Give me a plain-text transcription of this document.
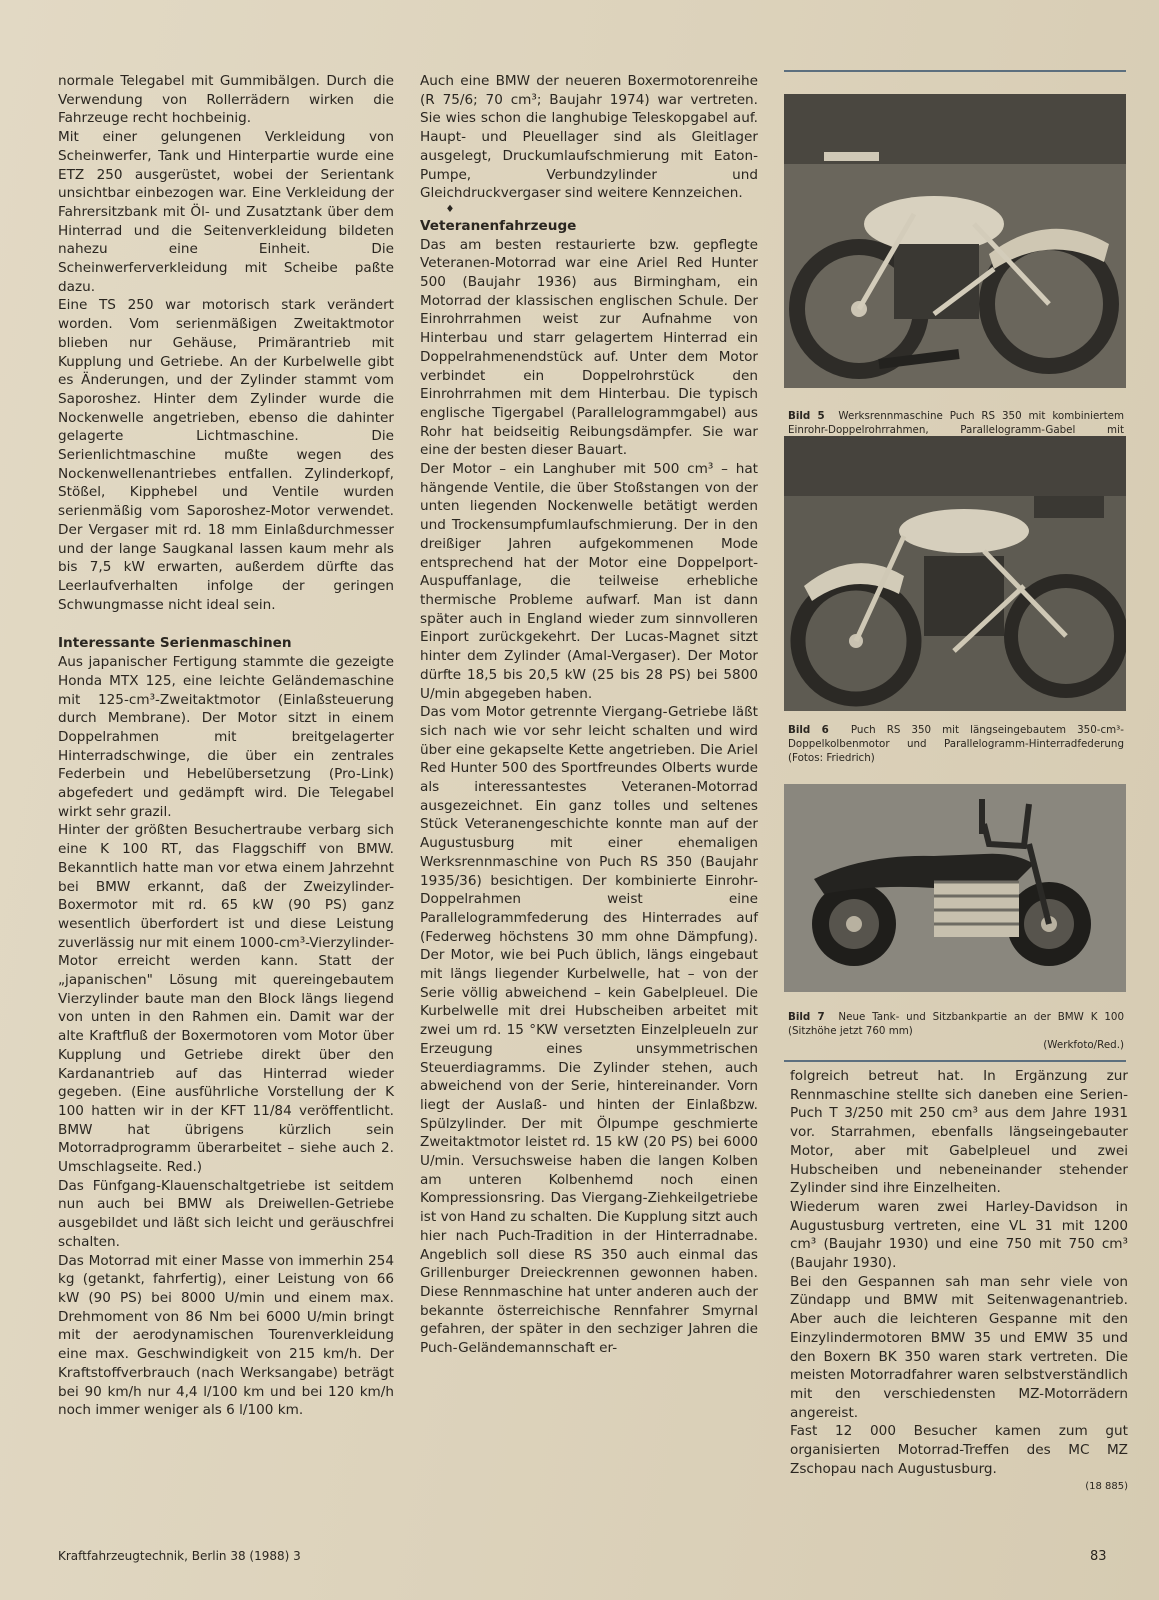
normale Telegabel mit Gummibälgen. Durch die Verwendung von Rollerrädern wirken die Fahrzeuge recht hochbeinig.

Mit einer gelungenen Verkleidung von Scheinwerfer, Tank und Hinterpartie wurde eine ETZ 250 ausgerüstet, wobei der Serientank unsichtbar einbezogen war. Eine Verkleidung der Fahrersitzbank mit Öl- und Zusatztank über dem Hinterrad und die Seitenverkleidung bildeten nahezu eine Einheit. Die Scheinwerferverkleidung mit Scheibe paßte dazu.

Eine TS 250 war motorisch stark verändert worden. Vom serienmäßigen Zweitaktmotor blieben nur Gehäuse, Primärantrieb mit Kupplung und Getriebe. An der Kurbelwelle gibt es Änderungen, und der Zylinder stammt vom Saporoshez. Hinter dem Zylinder wurde die Nockenwelle angetrieben, ebenso die dahinter gelagerte Lichtmaschine. Die Serienlichtmaschine mußte wegen des Nockenwellenantriebes entfallen. Zylinderkopf, Stößel, Kipphebel und Ventile wurden serienmäßig vom Saporoshez-Motor verwendet. Der Vergaser mit rd. 18 mm Einlaßdurchmesser und der lange Saugkanal lassen kaum mehr als bis 7,5 kW erwarten, außerdem dürfte das Leerlaufverhalten infolge der geringen Schwungmasse nicht ideal sein.

Interessante Serienmaschinen

Aus japanischer Fertigung stammte die gezeigte Honda MTX 125, eine leichte Geländemaschine mit 125-cm³-Zweitaktmotor (Einlaßsteuerung durch Membrane). Der Motor sitzt in einem Doppelrahmen mit breitgelagerter Hinterradschwinge, die über ein zentrales Federbein und Hebelübersetzung (Pro-Link) abgefedert und gedämpft wird. Die Telegabel wirkt sehr grazil.

Hinter der größten Besuchertraube verbarg sich eine K 100 RT, das Flaggschiff von BMW. Bekanntlich hatte man vor etwa einem Jahrzehnt bei BMW erkannt, daß der Zweizylinder-Boxermotor mit rd. 65 kW (90 PS) ganz wesentlich überfordert ist und diese Leistung zuverlässig nur mit einem 1000-cm³-Vierzylinder-Motor erreicht werden kann. Statt der „japanischen" Lösung mit quereingebautem Vierzylinder baute man den Block längs liegend von unten in den Rahmen ein. Damit war der alte Kraftfluß der Boxermotoren vom Motor über Kupplung und Getriebe direkt über den Kardanantrieb auf das Hinterrad wieder gegeben. (Eine ausführliche Vorstellung der K 100 hatten wir in der KFT 11/84 veröffentlicht. BMW hat übrigens kürzlich sein Motorradprogramm überarbeitet – siehe auch 2. Umschlagseite. Red.)

Das Fünfgang-Klauenschaltgetriebe ist seitdem nun auch bei BMW als Dreiwellen-Getriebe ausgebildet und läßt sich leicht und geräuschfrei schalten.

Das Motorrad mit einer Masse von immerhin 254 kg (getankt, fahrfertig), einer Leistung von 66 kW (90 PS) bei 8000 U/min und einem max. Drehmoment von 86 Nm bei 6000 U/min bringt mit der aerodynamischen Tourenverkleidung eine max. Geschwindigkeit von 215 km/h. Der Kraftstoffverbrauch (nach Werksangabe) beträgt bei 90 km/h nur 4,4 l/100 km und bei 120 km/h noch immer weniger als 6 l/100 km.

Auch eine BMW der neueren Boxermotorenreihe (R 75/6; 70 cm³; Baujahr 1974) war vertreten. Sie wies schon die langhubige Teleskopgabel auf. Haupt- und Pleuellager sind als Gleitlager ausgelegt, Druckumlaufschmierung mit Eaton-Pumpe, Verbundzylinder und Gleichdruckvergaser sind weitere Kennzeichen.

♦
Veteranenfahrzeuge

Das am besten restaurierte bzw. gepflegte Veteranen-Motorrad war eine Ariel Red Hunter 500 (Baujahr 1936) aus Birmingham, ein Motorrad der klassischen englischen Schule. Der Einrohrrahmen weist zur Aufnahme von Hinterbau und starr gelagertem Hinterrad ein Doppelrahmenendstück auf. Unter dem Motor verbindet ein Doppelrohrstück den Einrohrrahmen mit dem Hinterbau. Die typisch englische Tigergabel (Parallelogrammgabel) aus Rohr hat beidseitig Reibungsdämpfer. Sie war eine der besten dieser Bauart.

Der Motor – ein Langhuber mit 500 cm³ – hat hängende Ventile, die über Stoßstangen von der unten liegenden Nockenwelle betätigt werden und Trockensumpfumlaufschmierung. Der in den dreißiger Jahren aufgekommenen Mode entsprechend hat der Motor eine Doppelport-Auspuffanlage, die teilweise erhebliche thermische Probleme aufwarf. Man ist dann später auch in England wieder zum sinnvolleren Einport zurückgekehrt. Der Lucas-Magnet sitzt hinter dem Zylinder (Amal-Vergaser). Der Motor dürfte 18,5 bis 20,5 kW (25 bis 28 PS) bei 5800 U/min abgegeben haben.

Das vom Motor getrennte Viergang-Getriebe läßt sich nach wie vor sehr leicht schalten und wird über eine gekapselte Kette angetrieben. Die Ariel Red Hunter 500 des Sportfreundes Olberts wurde als interessantestes Veteranen-Motorrad ausgezeichnet. Ein ganz tolles und seltenes Stück Veteranengeschichte konnte man auf der Augustusburg mit einer ehemaligen Werksrennmaschine von Puch RS 350 (Baujahr 1935/36) besichtigen. Der kombinierte Einrohr-Doppelrahmen weist eine Parallelogrammfederung des Hinterrades auf (Federweg höchstens 30 mm ohne Dämpfung). Der Motor, wie bei Puch üblich, längs eingebaut mit längs liegender Kurbelwelle, hat – von der Serie völlig abweichend – kein Gabelpleuel. Die Kurbelwelle mit drei Hubscheiben arbeitet mit zwei um rd. 15 °KW versetzten Einzelpleueln zur Erzeugung eines unsymmetrischen Steuerdiagramms. Die Zylinder stehen, auch abweichend von der Serie, hintereinander. Vorn liegt der Auslaß- und hinten der Einlaßbzw. Spülzylinder. Der mit Ölpumpe geschmierte Zweitaktmotor leistet rd. 15 kW (20 PS) bei 6000 U/min. Versuchsweise haben die langen Kolben am unteren Kolbenhemd noch einen Kompressionsring. Das Viergang-Ziehkeilgetriebe ist von Hand zu schalten. Die Kupplung sitzt auch hier nach Puch-Tradition in der Hinterradnabe. Angeblich soll diese RS 350 auch einmal das Grillenburger Dreieckrennen gewonnen haben. Diese Rennmaschine hat unter anderen auch der bekannte österreichische Rennfahrer Smyrnal gefahren, der später in den sechziger Jahren die Puch-Geländemannschaft er-

Bild 5 Werksrennmaschine Puch RS 350 mit kombiniertem Einrohr-Doppelrohrrahmen, Parallelogramm-Gabel mit
Bild 6 Puch RS 350 mit längseingebautem 350-cm³-Doppelkolbenmotor und Parallelogramm-Hinterradfederung (Fotos: Friedrich)
Bild 7 Neue Tank- und Sitzbankpartie an der BMW K 100 (Sitzhöhe jetzt 760 mm)
(Werkfoto/Red.)

folgreich betreut hat. In Ergänzung zur Rennmaschine stellte sich daneben eine Serien-Puch T 3/250 mit 250 cm³ aus dem Jahre 1931 vor. Starrahmen, ebenfalls längseingebauter Motor, aber mit Gabelpleuel und zwei Hubscheiben und nebeneinander stehender Zylinder sind ihre Einzelheiten.

Wiederum waren zwei Harley-Davidson in Augustusburg vertreten, eine VL 31 mit 1200 cm³ (Baujahr 1930) und eine 750 mit 750 cm³ (Baujahr 1930).

Bei den Gespannen sah man sehr viele von Zündapp und BMW mit Seitenwagenantrieb. Aber auch die leichteren Gespanne mit den Einzylindermotoren BMW 35 und EMW 35 und den Boxern BK 350 waren stark vertreten. Die meisten Motorradfahrer waren selbstverständlich mit den verschiedensten MZ-Motorrädern angereist.

Fast 12 000 Besucher kamen zum gut organisierten Motorrad-Treffen des MC MZ Zschopau nach Augustusburg.

(18 885)

Kraftfahrzeugtechnik, Berlin 38 (1988) 3	83
